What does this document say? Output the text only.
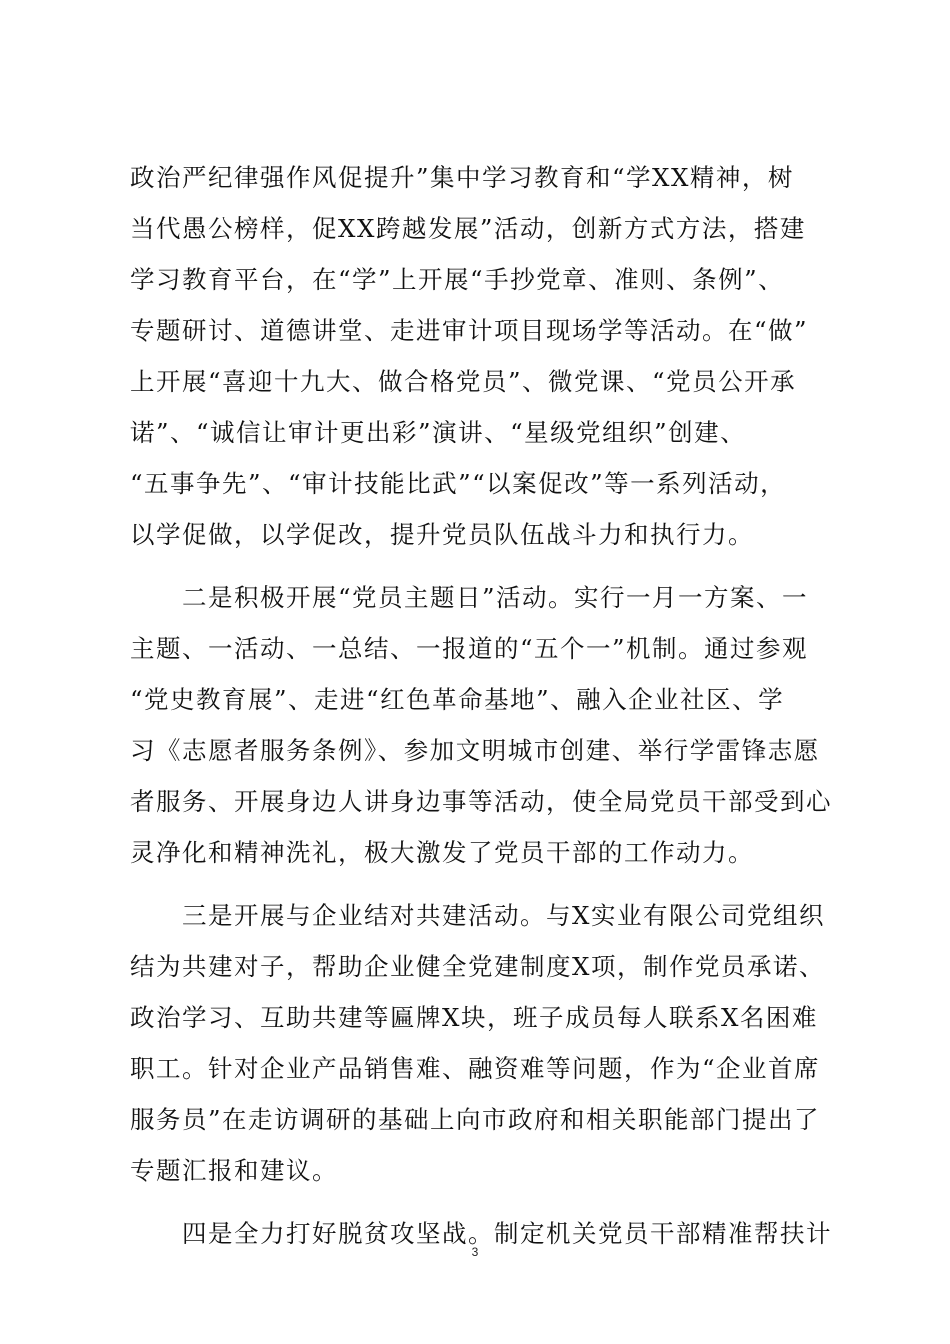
政治严纪律强作风促提升”集中学习教育和“学XX精神，树
当代愚公榜样，促XX跨越发展”活动，创新方式方法，搭建
学习教育平台，在“学”上开展“手抄党章、准则、条例”、
专题研讨、道德讲堂、走进审计项目现场学等活动。在“做”
上开展“喜迎十九大、做合格党员”、微党课、“党员公开承
诺”、“诚信让审计更出彩”演讲、“星级党组织”创建、
“五事争先”、“审计技能比武”“以案促改”等一系列活动，
以学促做，以学促改，提升党员队伍战斗力和执行力。
　　二是积极开展“党员主题日”活动。实行一月一方案、一
主题、一活动、一总结、一报道的“五个一”机制。通过参观
“党史教育展”、走进“红色革命基地”、融入企业社区、学
习《志愿者服务条例》、参加文明城市创建、举行学雷锋志愿
者服务、开展身边人讲身边事等活动，使全局党员干部受到心
灵净化和精神洗礼，极大激发了党员干部的工作动力。
　　三是开展与企业结对共建活动。与X实业有限公司党组织
结为共建对子，帮助企业健全党建制度X项，制作党员承诺、
政治学习、互助共建等匾牌X块，班子成员每人联系X名困难
职工。针对企业产品销售难、融资难等问题，作为“企业首席
服务员”在走访调研的基础上向市政府和相关职能部门提出了
专题汇报和建议。
　　四是全力打好脱贫攻坚战。制定机关党员干部精准帮扶计
3
